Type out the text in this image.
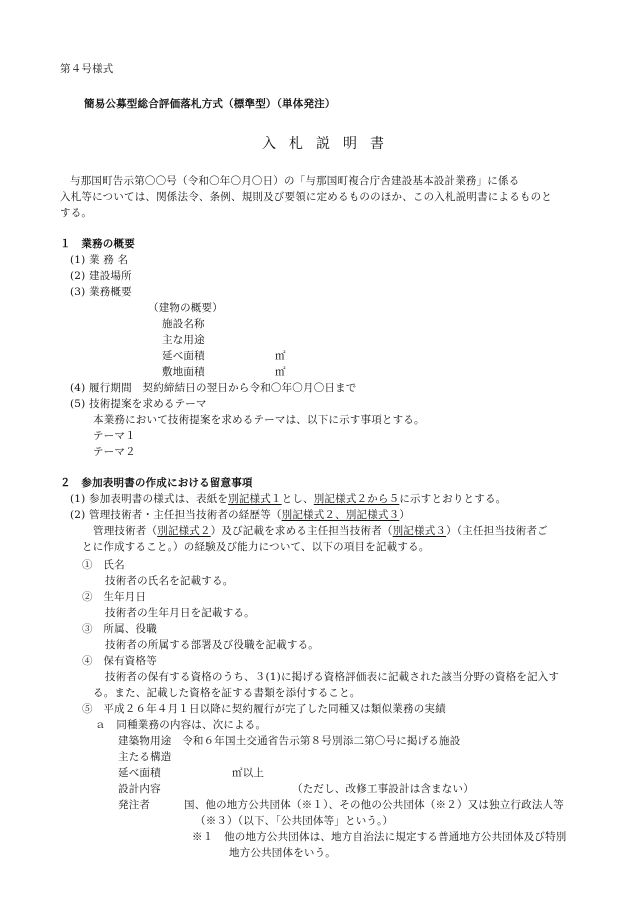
第４号様式
簡易公募型総合評価落札方式（標準型）（単体発注）
入札説明書
与那国町告示第〇〇号（令和〇年〇月〇日）の「与那国町複合庁舎建設基本設計業務」に係る
入札等については、関係法令、条例、規則及び要領に定めるもののほか、この入札説明書によるものと
する。
１　業務の概要
(1) 業 務 名
(2) 建設場所
(3) 業務概要
（建物の概要）
施設名称
主な用途
延べ面積	㎡
敷地面積	㎡
(4) 履行期間　契約締結日の翌日から令和〇年〇月〇日まで
(5) 技術提案を求めるテーマ
本業務において技術提案を求めるテーマは、以下に示す事項とする。
テーマ１
テーマ２
２　参加表明書の作成における留意事項
(1) 参加表明書の様式は、表紙を別記様式１とし、別記様式２から５に示すとおりとする。
(2) 管理技術者・主任担当技術者の経歴等（別記様式２、別記様式３）
管理技術者（別記様式２）及び記載を求める主任担当技術者（別記様式３）（主任担当技術者ご
とに作成すること。）の経験及び能力について、以下の項目を記載する。
①　氏名
技術者の氏名を記載する。
②　生年月日
技術者の生年月日を記載する。
③　所属、役職
技術者の所属する部署及び役職を記載する。
④　保有資格等
技術者の保有する資格のうち、３(1)に掲げる資格評価表に記載された該当分野の資格を記入す
る。また、記載した資格を証する書類を添付すること。
⑤　平成２６年４月１日以降に契約履行が完了した同種又は類似業務の実績
ａ　同種業務の内容は、次による。
建築物用途　令和６年国土交通省告示第８号別添二第〇号に掲げる施設
主たる構造
延べ面積	㎡以上
設計内容	（ただし、改修工事設計は含まない）
発注者	国、他の地方公共団体（※１）、その他の公共団体（※２）又は独立行政法人等
（※３）（以下、「公共団体等」という。）
※１　他の地方公共団体は、地方自治法に規定する普通地方公共団体及び特別
地方公共団体をいう。
